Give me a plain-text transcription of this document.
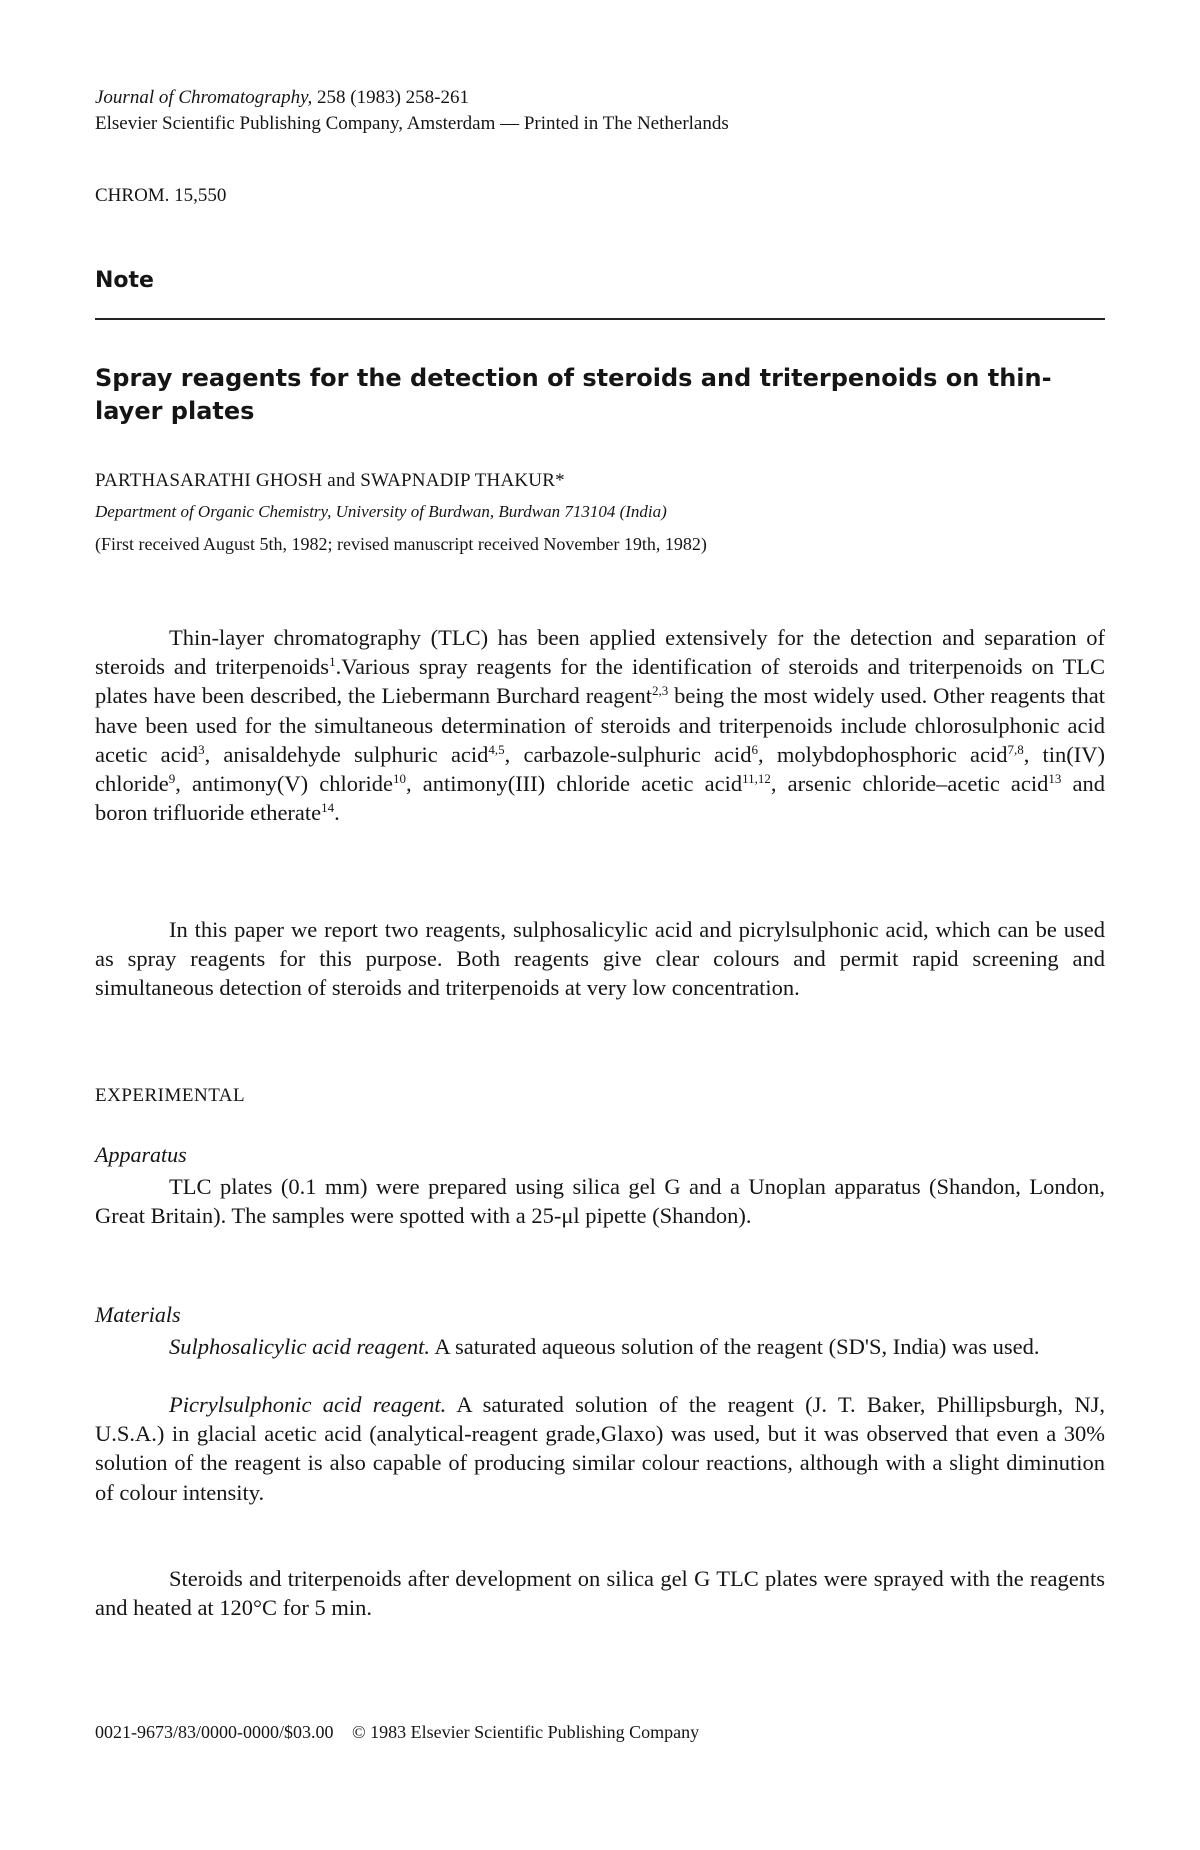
Journal of Chromatography, 258 (1983) 258-261
Elsevier Scientific Publishing Company, Amsterdam — Printed in The Netherlands
CHROM. 15,550
Note
Spray reagents for the detection of steroids and triterpenoids on thin-layer plates
PARTHASARATHI GHOSH and SWAPNADIP THAKUR*
Department of Organic Chemistry, University of Burdwan, Burdwan 713104 (India)
(First received August 5th, 1982; revised manuscript received November 19th, 1982)

Thin-layer chromatography (TLC) has been applied extensively for the detection and separation of steroids and triterpenoids$^1$.Various spray reagents for the identification of steroids and triterpenoids on TLC plates have been described, the Liebermann Burchard reagent$^{2,3}$ being the most widely used. Other reagents that have been used for the simultaneous determination of steroids and triterpenoids include chlorosulphonic acid acetic acid$^3$, anisaldehyde sulphuric acid$^{4,5}$, carbazole-sulphuric acid$^6$, molybdophosphoric acid$^{7,8}$, tin(IV) chloride$^9$, antimony(V) chloride$^{10}$, antimony(III) chloride acetic acid$^{11,12}$, arsenic chloride–acetic acid$^{13}$ and boron trifluoride etherate$^{14}$.

In this paper we report two reagents, sulphosalicylic acid and picrylsulphonic acid, which can be used as spray reagents for this purpose. Both reagents give clear colours and permit rapid screening and simultaneous detection of steroids and triterpenoids at very low concentration.

EXPERIMENTAL
Apparatus

TLC plates (0.1 mm) were prepared using silica gel G and a Unoplan apparatus (Shandon, London, Great Britain). The samples were spotted with a 25-μl pipette (Shandon).

Materials

Sulphosalicylic acid reagent. A saturated aqueous solution of the reagent (SD'S, India) was used.

Picrylsulphonic acid reagent. A saturated solution of the reagent (J. T. Baker, Phillipsburgh, NJ, U.S.A.) in glacial acetic acid (analytical-reagent grade,Glaxo) was used, but it was observed that even a 30% solution of the reagent is also capable of producing similar colour reactions, although with a slight diminution of colour intensity.

Steroids and triterpenoids after development on silica gel G TLC plates were sprayed with the reagents and heated at 120°C for 5 min.

0021-9673/83/0000-0000/$03.00 © 1983 Elsevier Scientific Publishing Company
